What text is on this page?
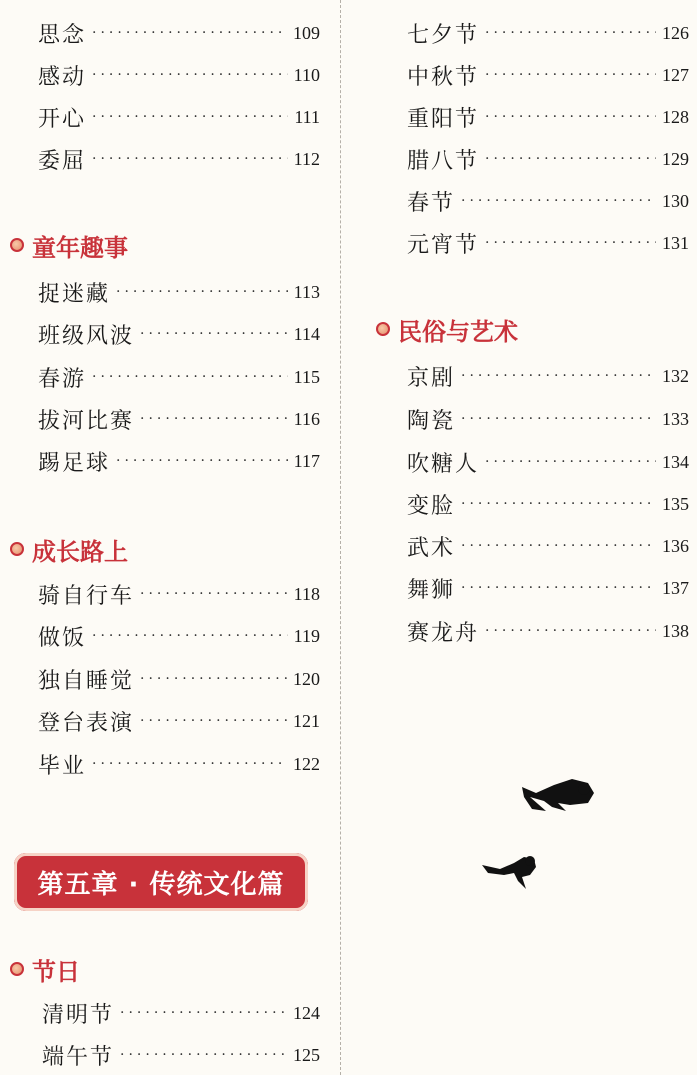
思念 ·····	109
感动 ·····	110
开心 ·····	111
委屈 ·····	112
童年趣事
捉迷藏 ·····	113
班级风波 ·····	114
春游 ·····	115
拔河比赛 ·····	116
踢足球 ·····	117
成长路上
骑自行车 ·····	118
做饭 ·····	119
独自睡觉 ·····	120
登台表演 ·····	121
毕业 ·····	122
第五章 · 传统文化篇
节日
清明节 ·····	124
端午节 ·····	125
七夕节 ·····	126
中秋节 ·····	127
重阳节 ·····	128
腊八节 ·····	129
春节 ·····	130
元宵节 ·····	131
民俗与艺术
京剧 ·····	132
陶瓷 ·····	133
吹糖人 ·····	134
变脸 ·····	135
武术 ·····	136
舞狮 ·····	137
赛龙舟 ·····	138
